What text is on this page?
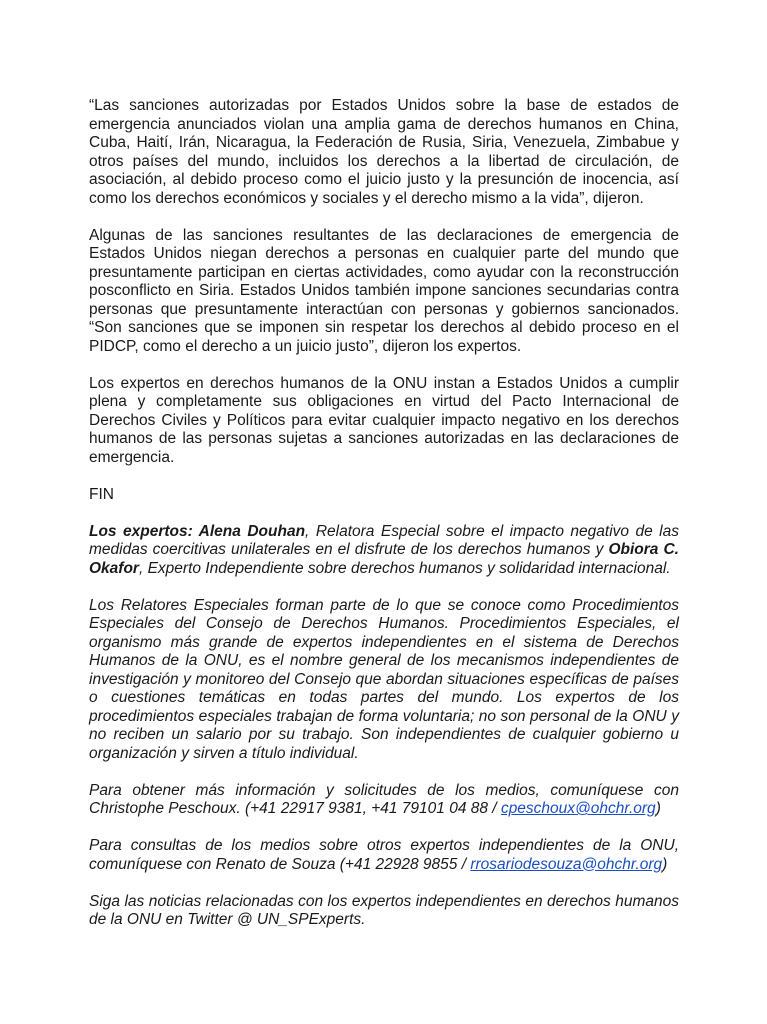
“Las sanciones autorizadas por Estados Unidos sobre la base de estados de emergencia anunciados violan una amplia gama de derechos humanos en China, Cuba, Haití, Irán, Nicaragua, la Federación de Rusia, Siria, Venezuela, Zimbabue y otros países del mundo, incluidos los derechos a la libertad de circulación, de asociación, al debido proceso como el juicio justo y la presunción de inocencia, así como los derechos económicos y sociales y el derecho mismo a la vida”, dijeron.

Algunas de las sanciones resultantes de las declaraciones de emergencia de Estados Unidos niegan derechos a personas en cualquier parte del mundo que presuntamente participan en ciertas actividades, como ayudar con la reconstrucción posconflicto en Siria. Estados Unidos también impone sanciones secundarias contra personas que presuntamente interactúan con personas y gobiernos sancionados. “Son sanciones que se imponen sin respetar los derechos al debido proceso en el PIDCP, como el derecho a un juicio justo”, dijeron los expertos.

Los expertos en derechos humanos de la ONU instan a Estados Unidos a cumplir plena y completamente sus obligaciones en virtud del Pacto Internacional de Derechos Civiles y Políticos para evitar cualquier impacto negativo en los derechos humanos de las personas sujetas a sanciones autorizadas en las declaraciones de emergencia.

FIN

Los expertos: Alena Douhan, Relatora Especial sobre el impacto negativo de las medidas coercitivas unilaterales en el disfrute de los derechos humanos y Obiora C. Okafor, Experto Independiente sobre derechos humanos y solidaridad internacional.

Los Relatores Especiales forman parte de lo que se conoce como Procedimientos Especiales del Consejo de Derechos Humanos. Procedimientos Especiales, el organismo más grande de expertos independientes en el sistema de Derechos Humanos de la ONU, es el nombre general de los mecanismos independientes de investigación y monitoreo del Consejo que abordan situaciones específicas de países o cuestiones temáticas en todas partes del mundo. Los expertos de los procedimientos especiales trabajan de forma voluntaria; no son personal de la ONU y no reciben un salario por su trabajo. Son independientes de cualquier gobierno u organización y sirven a título individual.

Para obtener más información y solicitudes de los medios, comuníquese con Christophe Peschoux. (+41 22917 9381, +41 79101 04 88 / cpeschoux@ohchr.org)

Para consultas de los medios sobre otros expertos independientes de la ONU, comuníquese con Renato de Souza (+41 22928 9855 / rrosariodesouza@ohchr.org)

Siga las noticias relacionadas con los expertos independientes en derechos humanos de la ONU en Twitter @ UN_SPExperts.
